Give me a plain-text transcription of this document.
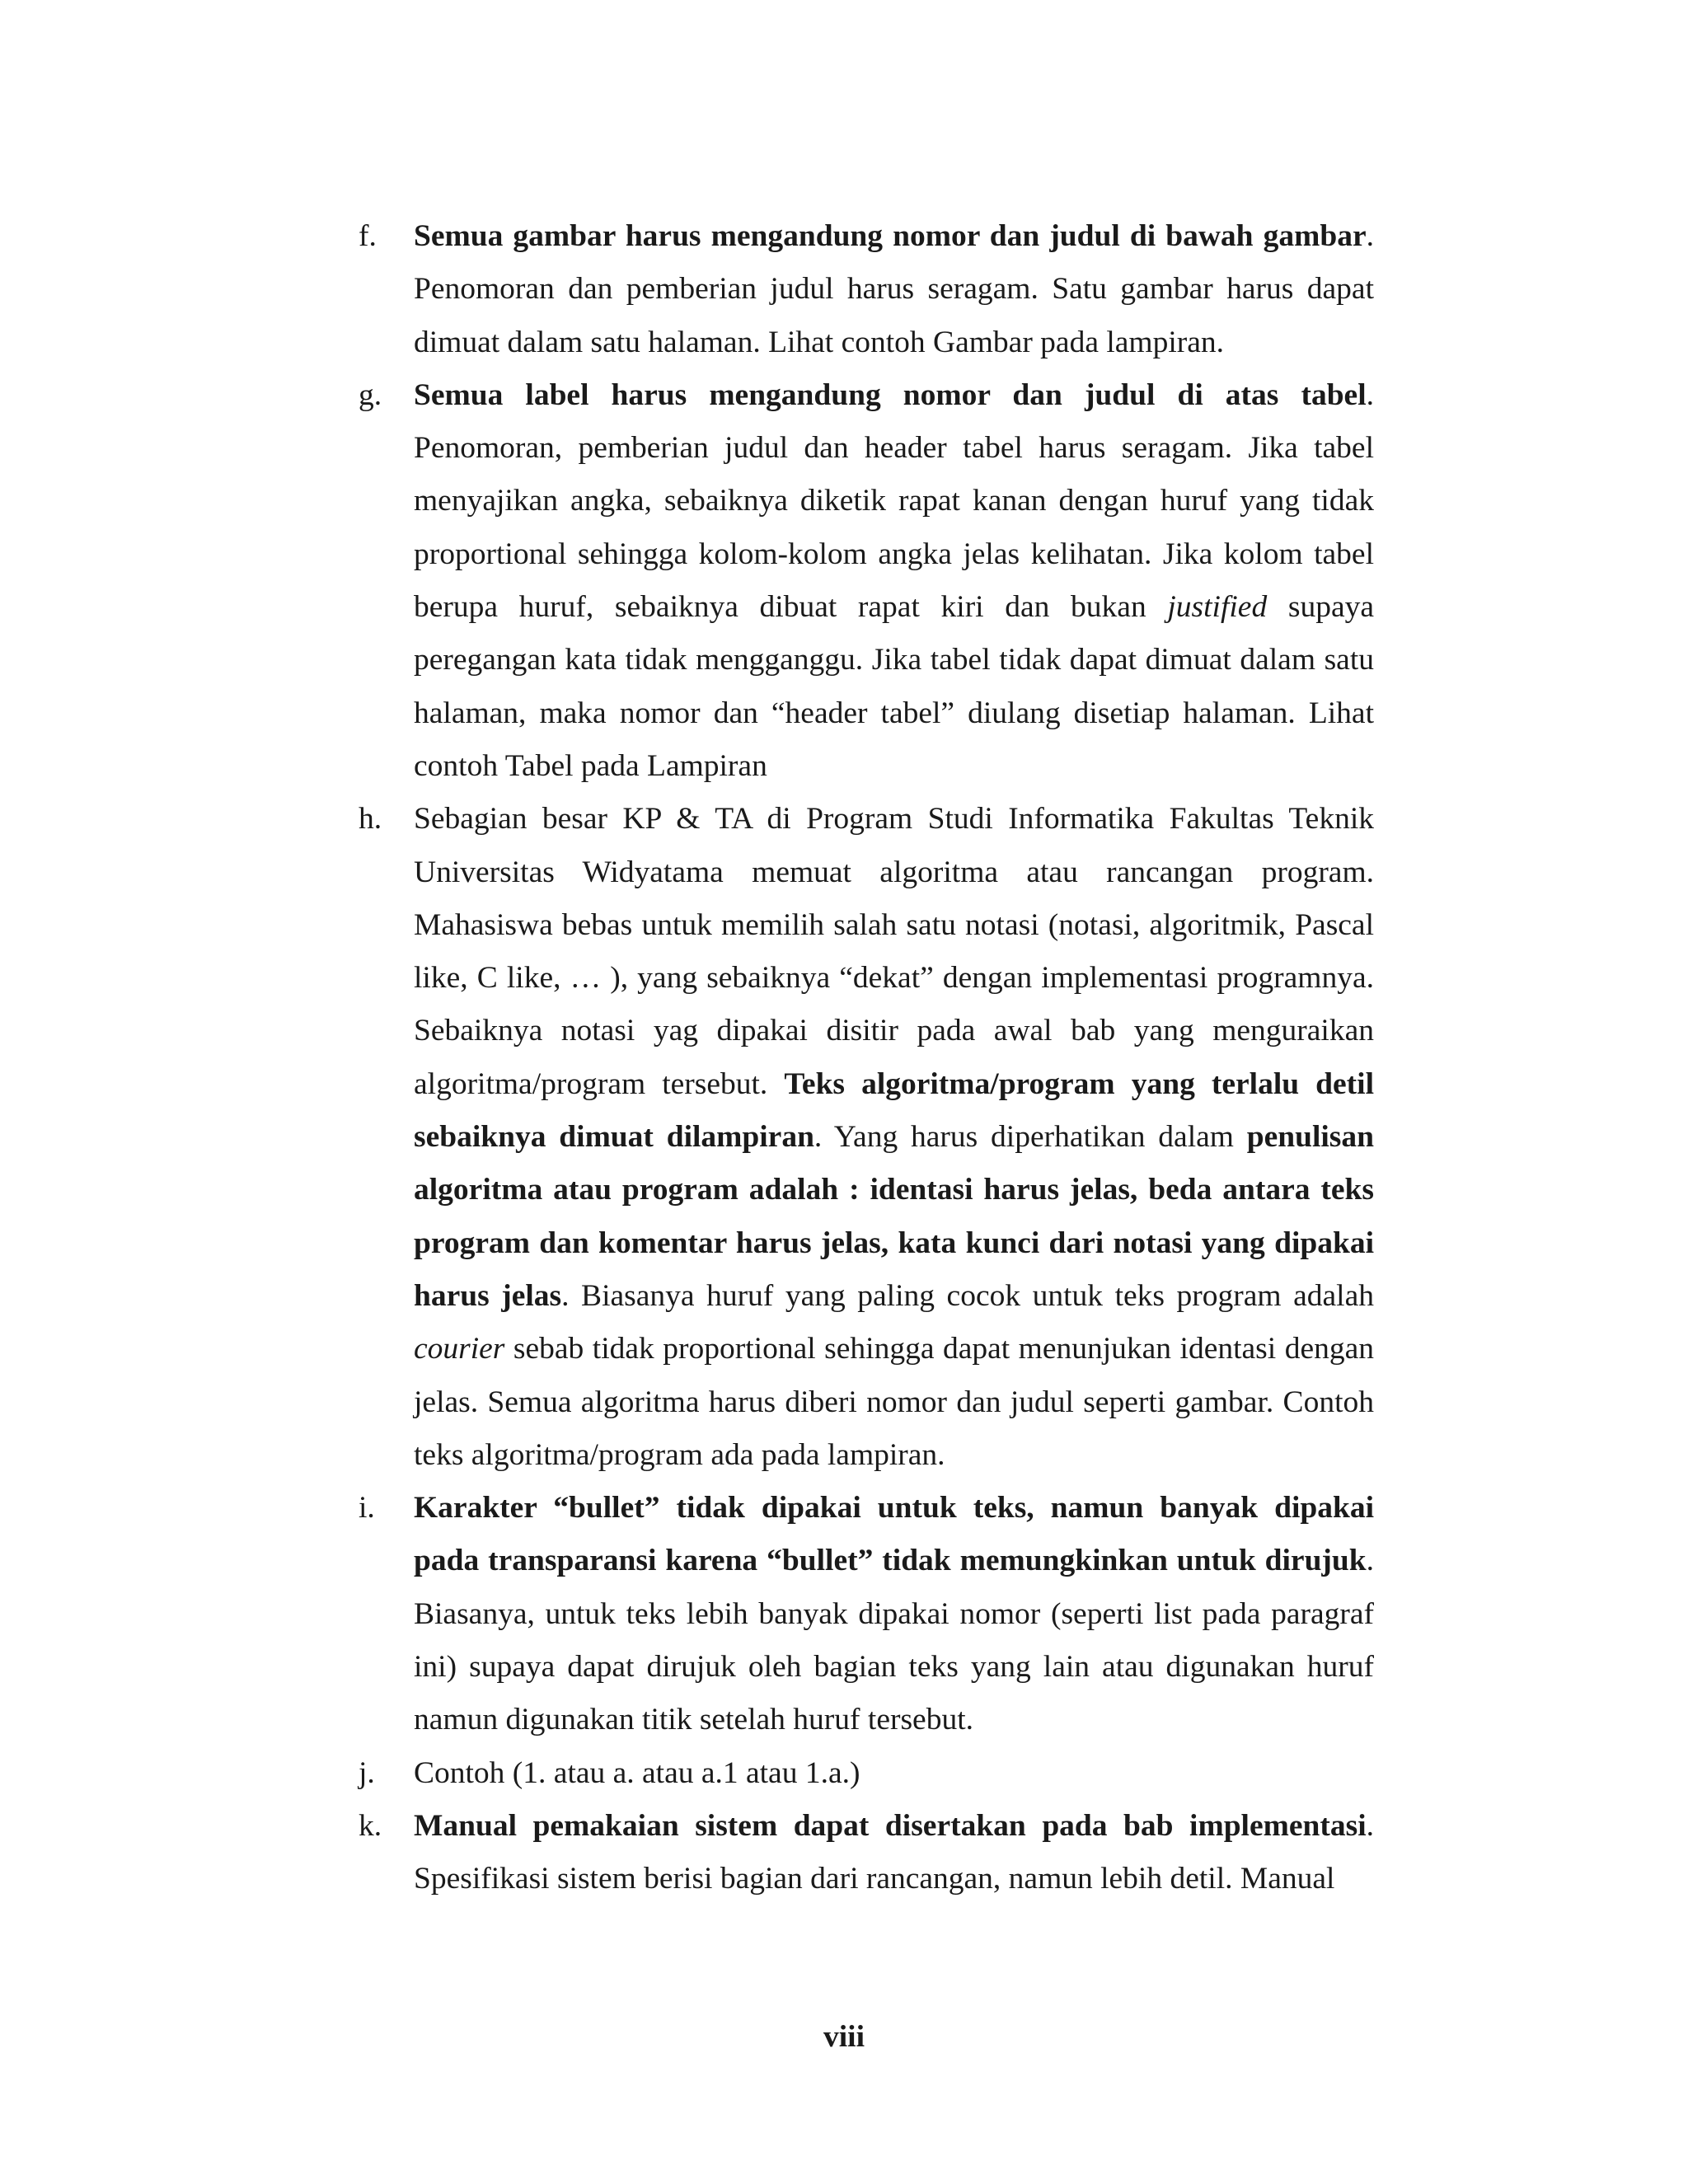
f.	Semua gambar harus mengandung nomor dan judul di bawah gambar. Penomoran dan pemberian judul harus seragam. Satu gambar harus dapat dimuat dalam satu halaman. Lihat contoh Gambar pada lampiran.
g.	Semua label harus mengandung nomor dan judul di atas tabel. Penomoran, pemberian judul dan header tabel harus seragam. Jika tabel menyajikan angka, sebaiknya diketik rapat kanan dengan huruf yang tidak proportional sehingga kolom-kolom angka jelas kelihatan. Jika kolom tabel berupa huruf, sebaiknya dibuat rapat kiri dan bukan justified supaya peregangan kata tidak mengganggu. Jika tabel tidak dapat dimuat dalam satu halaman, maka nomor dan “header tabel” diulang disetiap halaman. Lihat contoh Tabel pada Lampiran
h.	Sebagian besar KP & TA di Program Studi Informatika Fakultas Teknik Universitas Widyatama memuat algoritma atau rancangan program. Mahasiswa bebas untuk memilih salah satu notasi (notasi, algoritmik, Pascal like, C like, … ), yang sebaiknya “dekat” dengan implementasi programnya. Sebaiknya notasi yag dipakai disitir pada awal bab yang menguraikan algoritma/program tersebut. Teks algoritma/program yang terlalu detil sebaiknya dimuat dilampiran. Yang harus diperhatikan dalam penulisan algoritma atau program adalah : identasi harus jelas, beda antara teks program dan komentar harus jelas, kata kunci dari notasi yang dipakai harus jelas. Biasanya huruf yang paling cocok untuk teks program adalah courier sebab tidak proportional sehingga dapat menunjukan identasi dengan jelas. Semua algoritma harus diberi nomor dan judul seperti gambar. Contoh teks algoritma/program ada pada lampiran.
i.	Karakter “bullet” tidak dipakai untuk teks, namun banyak dipakai pada transparansi karena “bullet” tidak memungkinkan untuk dirujuk. Biasanya, untuk teks lebih banyak dipakai nomor (seperti list pada paragraf ini) supaya dapat dirujuk oleh bagian teks yang lain atau digunakan huruf namun digunakan titik setelah huruf tersebut.
j.	Contoh (1. atau a. atau a.1 atau 1.a.)
k.	Manual pemakaian sistem dapat disertakan pada bab implementasi. Spesifikasi sistem berisi bagian dari rancangan, namun lebih detil. Manual
viii
